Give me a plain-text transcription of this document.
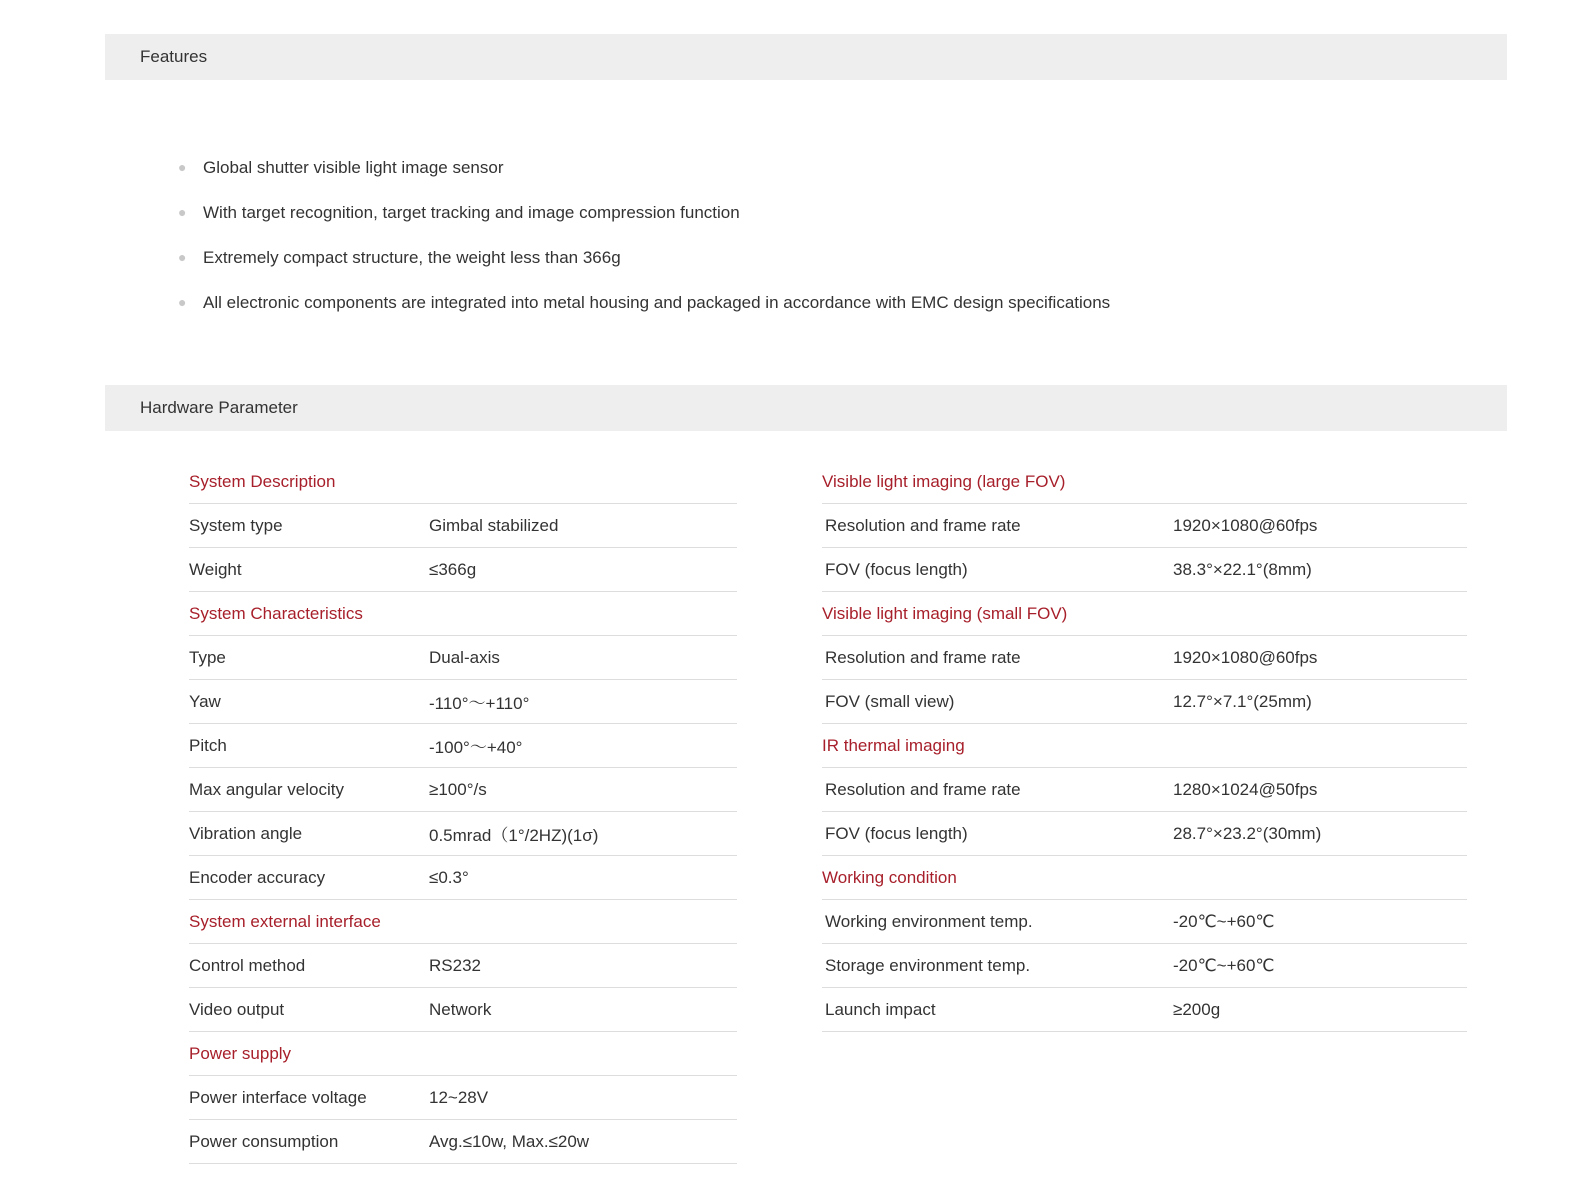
Features
● Global shutter visible light image sensor
● With target recognition, target tracking and image compression function
● Extremely compact structure, the weight less than 366g
● All electronic components are integrated into metal housing and packaged in accordance with EMC design specifications
Hardware Parameter
System Description
System type	Gimbal stabilized
Weight	≤366g
System Characteristics
Type	Dual-axis
Yaw	-110°～+110°
Pitch	-100°～+40°
Max angular velocity	≥100°/s
Vibration angle	0.5mrad（1°/2HZ)(1σ)
Encoder accuracy	≤0.3°
System external interface
Control method	RS232
Video output	Network
Power supply
Power interface voltage	12~28V
Power consumption	Avg.≤10w, Max.≤20w
Visible light imaging (large FOV)
Resolution and frame rate	1920×1080@60fps
FOV (focus length)	38.3°×22.1°(8mm)
Visible light imaging (small FOV)
Resolution and frame rate	1920×1080@60fps
FOV (small view)	12.7°×7.1°(25mm)
IR thermal imaging
Resolution and frame rate	1280×1024@50fps
FOV (focus length)	28.7°×23.2°(30mm)
Working condition
Working environment temp.	-20℃~+60℃
Storage environment temp.	-20℃~+60℃
Launch impact	≥200g
